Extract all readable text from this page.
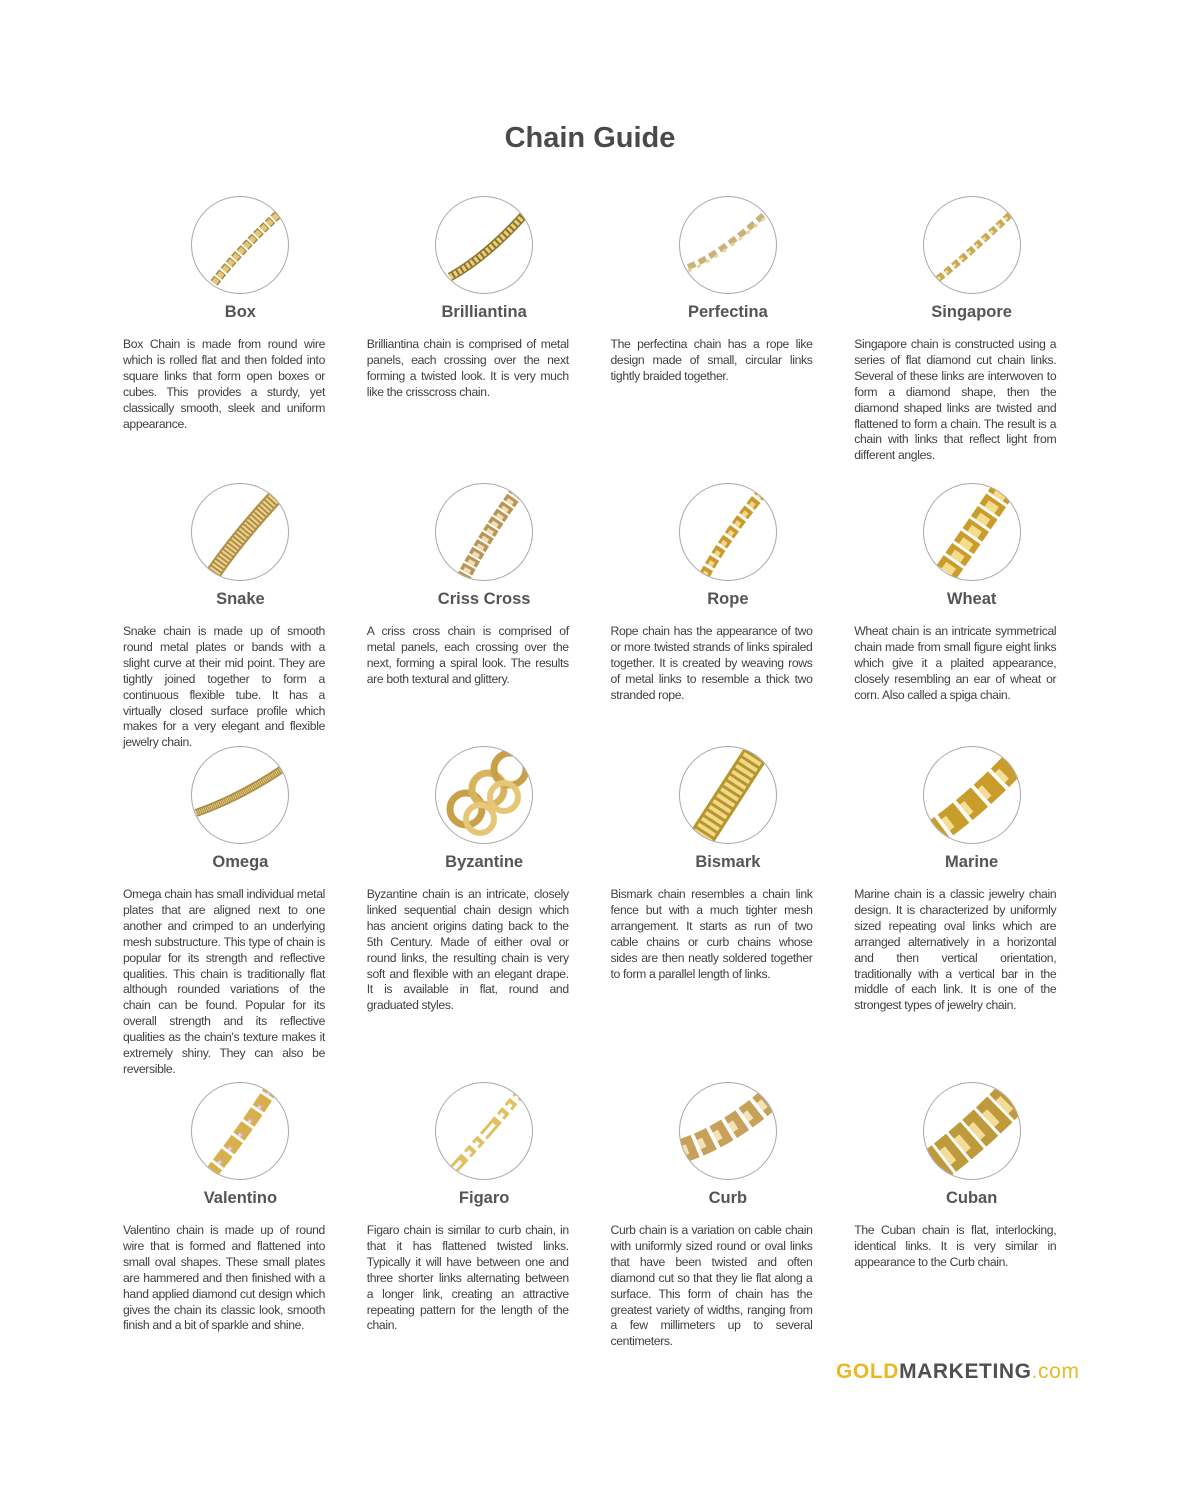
Chain Guide
Box
Box Chain is made from round wire which is rolled flat and then folded into square links that form open boxes or cubes. This provides a sturdy, yet classically smooth, sleek and uniform appearance.
Brilliantina
Brilliantina chain is comprised of metal panels, each crossing over the next forming a twisted look. It is very much like the crisscross chain.
Perfectina
The perfectina chain has a rope like design made of small, circular links tightly braided together.
Singapore
Singapore chain is constructed using a series of flat diamond cut chain links. Several of these links are interwoven to form a diamond shape, then the diamond shaped links are twisted and flattened to form a chain. The result is a chain with links that reflect light from different angles.
Snake
Snake chain is made up of smooth round metal plates or bands with a slight curve at their mid point. They are tightly joined together to form a continuous flexible tube. It has a virtually closed surface profile which makes for a very elegant and flexible jewelry chain.
Criss Cross
A criss cross chain is comprised of metal panels, each crossing over the next, forming a spiral look. The results are both textural and glittery.
Rope
Rope chain has the appearance of two or more twisted strands of links spiraled together. It is created by weaving rows of metal links to resemble a thick two stranded rope.
Wheat
Wheat chain is an intricate symmetrical chain made from small figure eight links which give it a plaited appearance, closely resembling an ear of wheat or corn. Also called a spiga chain.
Omega
Omega chain has small individual metal plates that are aligned next to one another and crimped to an underlying mesh substructure. This type of chain is popular for its strength and reflective qualities. This chain is traditionally flat although rounded variations of the chain can be found. Popular for its overall strength and its reflective qualities as the chain's texture makes it extremely shiny. They can also be reversible.
Byzantine
Byzantine chain is an intricate, closely linked sequential chain design which has ancient origins dating back to the 5th Century. Made of either oval or round links, the resulting chain is very soft and flexible with an elegant drape. It is available in flat, round and graduated styles.
Bismark
Bismark chain resembles a chain link fence but with a much tighter mesh arrangement. It starts as run of two cable chains or curb chains whose sides are then neatly soldered together to form a parallel length of links.
Marine
Marine chain is a classic jewelry chain design. It is characterized by uniformly sized repeating oval links which are arranged alternatively in a horizontal and then vertical orientation, traditionally with a vertical bar in the middle of each link. It is one of the strongest types of jewelry chain.
Valentino
Valentino chain is made up of round wire that is formed and flattened into small oval shapes. These small plates are hammered and then finished with a hand applied diamond cut design which gives the chain its classic look, smooth finish and a bit of sparkle and shine.
Figaro
Figaro chain is similar to curb chain, in that it has flattened twisted links. Typically it will have between one and three shorter links alternating between a longer link, creating an attractive repeating pattern for the length of the chain.
Curb
Curb chain is a variation on cable chain with uniformly sized round or oval links that have been twisted and often diamond cut so that they lie flat along a surface. This form of chain has the greatest variety of widths, ranging from a few millimeters up to several centimeters.
Cuban
The Cuban chain is flat, interlocking, identical links. It is very similar in appearance to the Curb chain.
GOLDMARKETING.com
